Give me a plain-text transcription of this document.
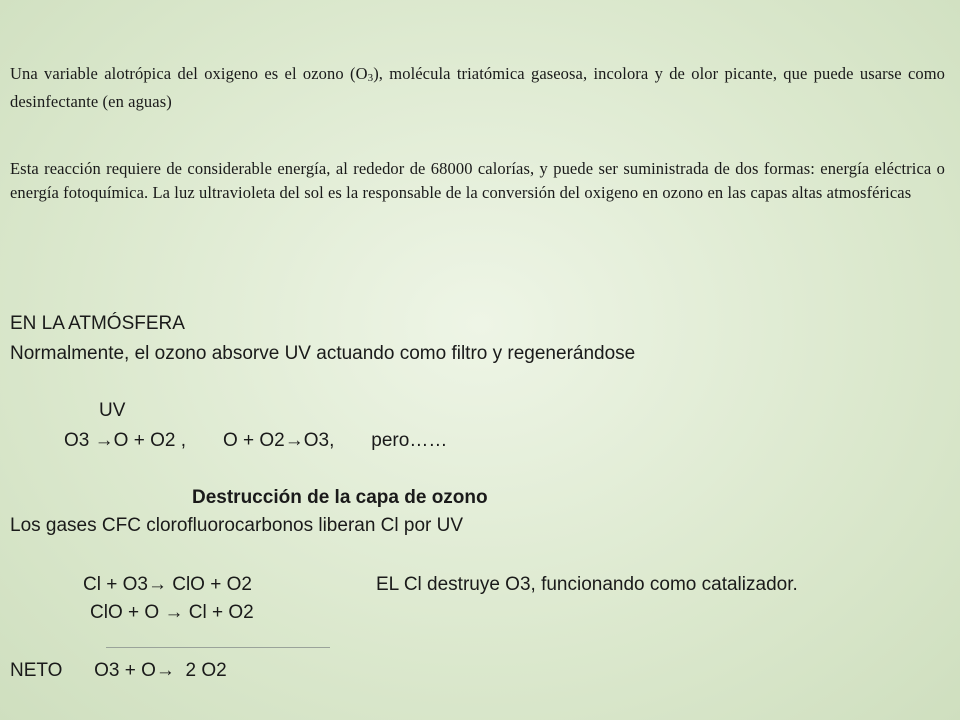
Una variable alotrópica del oxigeno es el ozono $(O_3)$, molécula triatómica gaseosa, incolora y de olor picante, que puede usarse como desinfectante (en aguas)
Esta reacción requiere de considerable energía, al rededor de 68000 calorías, y puede ser suministrada de dos formas: energía eléctrica o energía fotoquímica. La luz ultravioleta del sol es la responsable de la conversión del oxigeno en ozono en las capas altas atmosféricas
EN LA ATMÓSFERA
Normalmente, el ozono absorve UV actuando como filtro y regenerándose
UV
O3 →O + O2 , O + O2→O3, pero……
Destrucción de la capa de ozono
Los gases CFC clorofluorocarbonos liberan Cl por UV
Cl + O3→ ClO + O2	EL Cl destruye O3, funcionando como catalizador.
ClO + O → Cl + O2
NETO O3 + O→ 2 O2
